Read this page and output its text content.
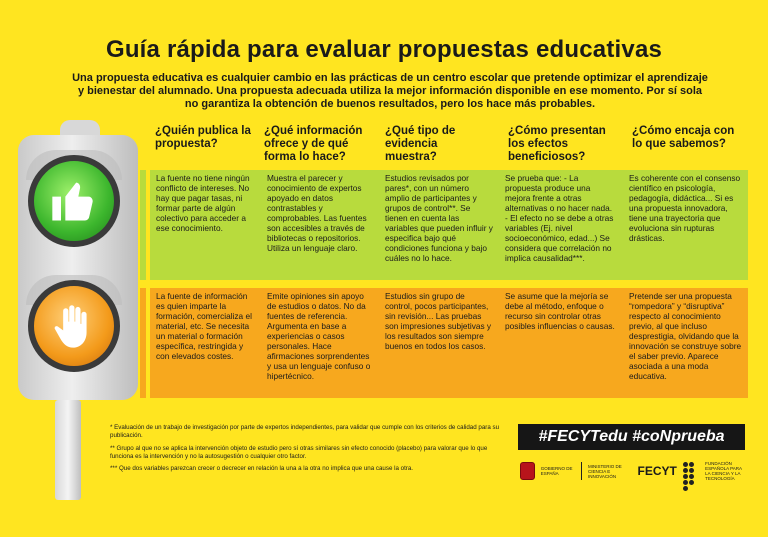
Guía rápida para evaluar propuestas educativas
Una propuesta educativa es cualquier cambio en las prácticas de un centro escolar que pretende optimizar el aprendizaje y bienestar del alumnado. Una propuesta adecuada utiliza la mejor información disponible en ese momento. Por sí sola no garantiza la obtención de buenos resultados, pero los hace más probables.
¿Quién publica la propuesta?
La fuente no tiene ningún conflicto de intereses. No hay que pagar tasas, ni formar parte de algún colectivo para acceder a ese conocimiento.
La fuente de información es quien imparte la formación, comercializa el material, etc. Se necesita un material o formación específica, restringida y con elevados costes.
¿Qué información ofrece y de qué forma lo hace?
Muestra el parecer y conocimiento de expertos apoyado en datos contrastables y comprobables. Las fuentes son accesibles a través de bibliotecas o repositorios. Utiliza un lenguaje claro.
Emite opiniones sin apoyo de estudios o datos. No da fuentes de referencia. Argumenta en base a experiencias o casos personales. Hace afirmaciones sorprendentes y usa un lenguaje confuso o hipertécnico.
¿Qué tipo de evidencia muestra?
Estudios revisados por pares*, con un número amplio de participantes y grupos de control**. Se tienen en cuenta las variables que pueden influir y especifica bajo qué condiciones funciona y bajo cuáles no lo hace.
Estudios sin grupo de control, pocos participantes, sin revisión... Las pruebas son impresiones subjetivas y los resultados son siempre buenos en todos los casos.
¿Cómo presentan los efectos beneficiosos?
Se prueba que: - La propuesta produce una mejora frente a otras alternativas o no hacer nada. - El efecto no se debe a otras variables (Ej. nivel socioeconómico, edad...) Se considera que correlación no implica causalidad***.
Se asume que la mejoría se debe al método, enfoque o recurso sin controlar otras posibles influencias o causas.
¿Cómo encaja con lo que sabemos?
Es coherente con el consenso científico en psicología, pedagogía, didáctica... Si es una propuesta innovadora, tiene una trayectoria que evoluciona sin rupturas drásticas.
Pretende ser una propuesta “rompedora” y “disruptiva” respecto al conocimiento previo, al que incluso desprestigia, olvidando que la innovación se construye sobre el saber previo. Aparece asociada a una moda educativa.

* Evaluación de un trabajo de investigación por parte de expertos independientes, para validar que cumple con los criterios de calidad para su publicación.

** Grupo al que no se aplica la intervención objeto de estudio pero sí otras similares sin efecto conocido (placebo) para valorar que lo que funciona es la intervención y no la autosugestión o cualquier otro factor.

*** Que dos variables parezcan crecer o decrecer en relación la una a la otra no implica que una cause la otra.

#FECYTedu #coNprueba
GOBIERNO DE ESPAÑA
MINISTERIO DE CIENCIA E INNOVACIÓN	FECYT	FUNDACIÓN ESPAÑOLA PARA LA CIENCIA Y LA TECNOLOGÍA
